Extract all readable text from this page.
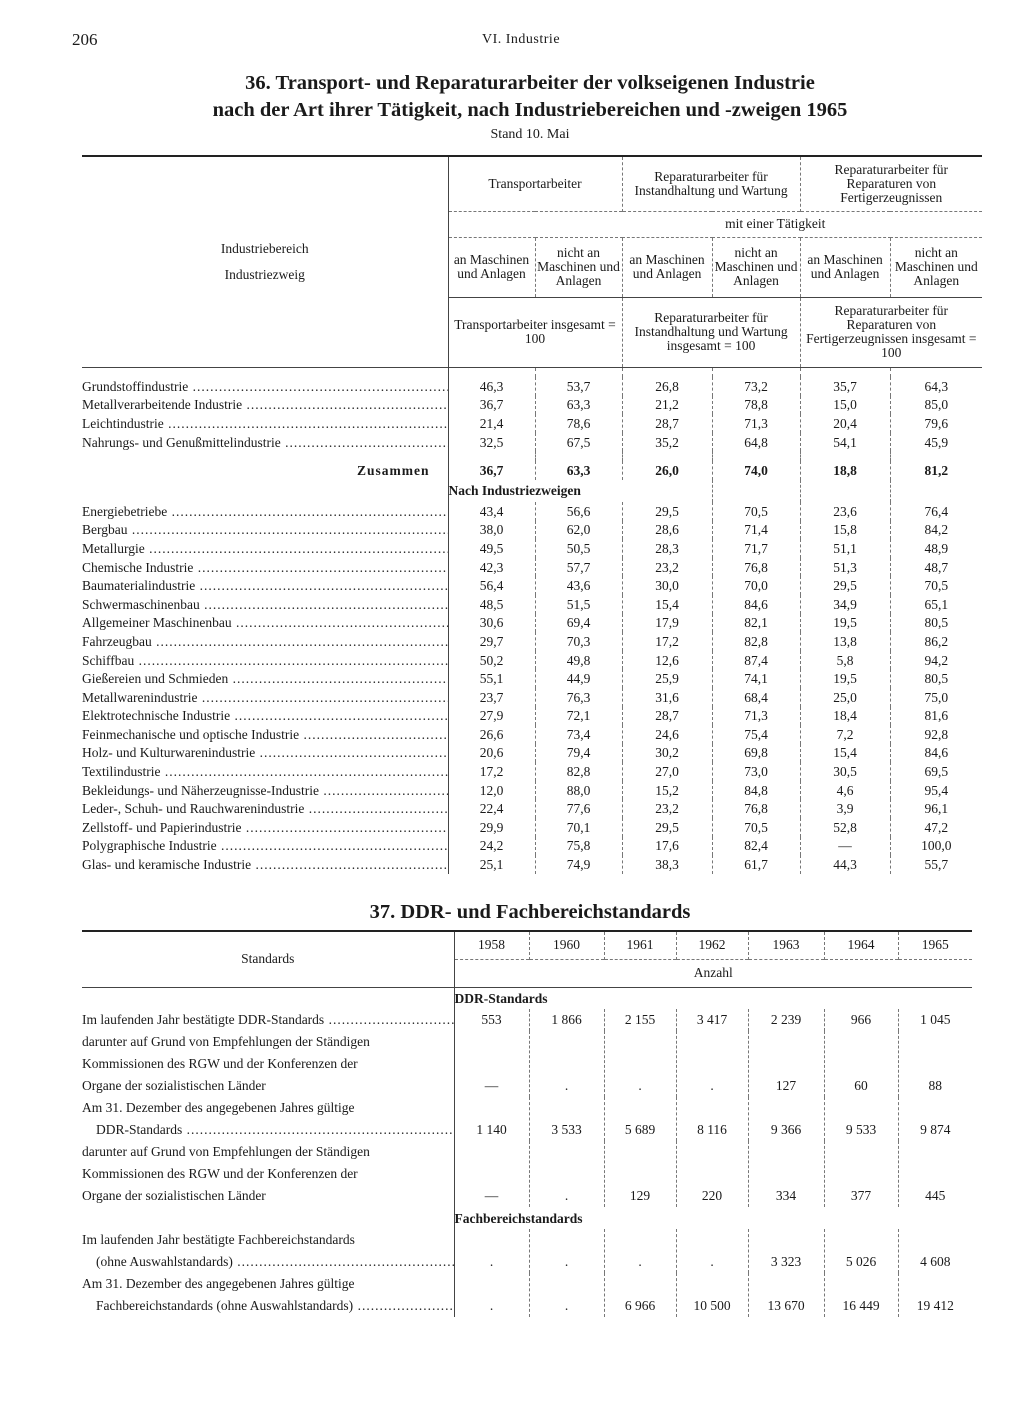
206	VI. Industrie
36. Transport- und Reparaturarbeiter der volkseigenen Industrie
nach der Art ihrer Tätigkeit, nach Industriebereichen und -zweigen 1965
Stand 10. Mai
Industriebereich
Industriezweig	Transportarbeiter		Reparaturarbeiter für Instandhaltung und Wartung		Reparaturarbeiter für Reparaturen von Fertigerzeugnissen	
	mit einer Tätigkeit					
	an Maschinen und Anlagen	nicht an Maschinen und Anlagen	an Maschinen und Anlagen	nicht an Maschinen und Anlagen	an Maschinen und Anlagen	nicht an Maschinen und Anlagen
	Transportarbeiter insgesamt = 100		Reparaturarbeiter für Instandhaltung und Wartung insgesamt = 100		Reparaturarbeiter für Reparaturen von Fertigerzeugnissen insgesamt = 100	

Grundstoffindustrie .....	46,3	53,7	26,8	73,2	35,7	64,3

Metallverarbeitende Industrie .....	36,7	63,3	21,2	78,8	15,0	85,0

Leichtindustrie .....	21,4	78,6	28,7	71,3	20,4	79,6

Nahrungs- und Genußmittelindustrie .....	32,5	67,5	35,2	64,8	54,1	45,9

Zusammen	36,7	63,3	26,0	74,0	18,8	81,2
	Nach Industriezweigen					

Energiebetriebe .....	43,4	56,6	29,5	70,5	23,6	76,4

Bergbau .....	38,0	62,0	28,6	71,4	15,8	84,2

Metallurgie .....	49,5	50,5	28,3	71,7	51,1	48,9

Chemische Industrie .....	42,3	57,7	23,2	76,8	51,3	48,7

Baumaterialindustrie .....	56,4	43,6	30,0	70,0	29,5	70,5

Schwermaschinenbau .....	48,5	51,5	15,4	84,6	34,9	65,1

Allgemeiner Maschinenbau .....	30,6	69,4	17,9	82,1	19,5	80,5

Fahrzeugbau .....	29,7	70,3	17,2	82,8	13,8	86,2

Schiffbau .....	50,2	49,8	12,6	87,4	5,8	94,2

Gießereien und Schmieden .....	55,1	44,9	25,9	74,1	19,5	80,5

Metallwarenindustrie .....	23,7	76,3	31,6	68,4	25,0	75,0

Elektrotechnische Industrie .....	27,9	72,1	28,7	71,3	18,4	81,6

Feinmechanische und optische Industrie .....	26,6	73,4	24,6	75,4	7,2	92,8

Holz- und Kulturwarenindustrie .....	20,6	79,4	30,2	69,8	15,4	84,6

Textilindustrie .....	17,2	82,8	27,0	73,0	30,5	69,5

Bekleidungs- und Näherzeugnisse-Industrie .....	12,0	88,0	15,2	84,8	4,6	95,4

Leder-, Schuh- und Rauchwarenindustrie .....	22,4	77,6	23,2	76,8	3,9	96,1

Zellstoff- und Papierindustrie .....	29,9	70,1	29,5	70,5	52,8	47,2

Polygraphische Industrie .....	24,2	75,8	17,6	82,4	—	100,0

Glas- und keramische Industrie .....	25,1	74,9	38,3	61,7	44,3	55,7
37. DDR- und Fachbereichstandards
Standards	1958	1960	1961	1962	1963	1964	1965
	Anzahl						
	DDR-Standards						

Im laufenden Jahr bestätigte DDR-Standards .....	553	1 866	2 155	3 417	2 239	966	1 045

darunter auf Grund von Empfehlungen der Ständigen
Kommissionen des RGW und der Konferenzen der
Organe der sozialistischen Länder	—	.	.	.	127	60	88

Am 31. Dezember des angegebenen Jahres gültige
DDR-Standards .....	1 140	3 533	5 689	8 116	9 366	9 533	9 874

darunter auf Grund von Empfehlungen der Ständigen
Kommissionen des RGW und der Konferenzen der
Organe der sozialistischen Länder	—	.	129	220	334	377	445
	Fachbereichstandards						

Im laufenden Jahr bestätigte Fachbereichstandards
(ohne Auswahlstandards) .....	.	.	.	.	3 323	5 026	4 608

Am 31. Dezember des angegebenen Jahres gültige
Fachbereichstandards (ohne Auswahlstandards) .....	.	.	6 966	10 500	13 670	16 449	19 412
